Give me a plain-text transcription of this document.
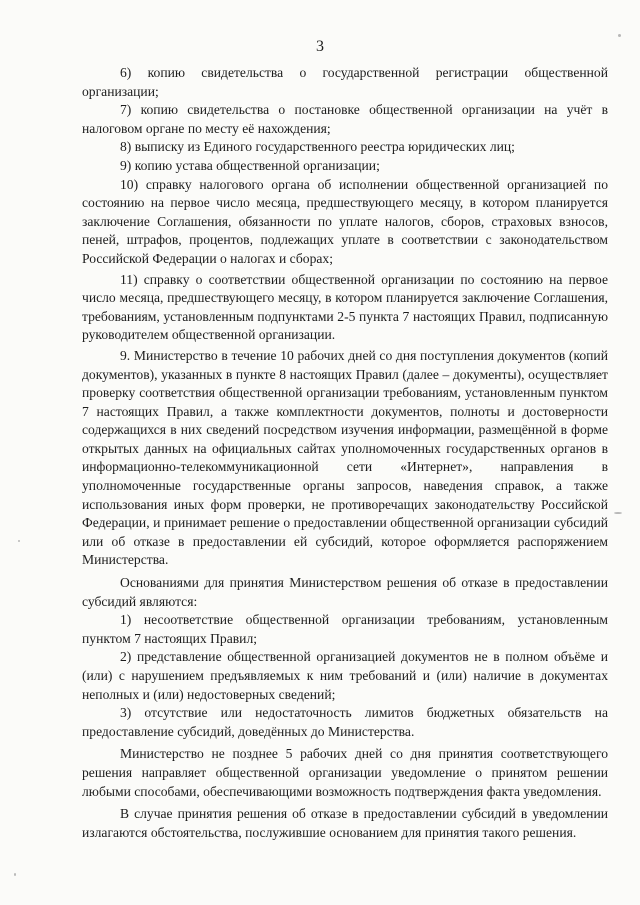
3

6) копию свидетельства о государственной регистрации общественной организации;

7) копию свидетельства о постановке общественной организации на учёт в налоговом органе по месту её нахождения;

8) выписку из Единого государственного реестра юридических лиц;

9) копию устава общественной организации;

10) справку налогового органа об исполнении общественной организацией по состоянию на первое число месяца, предшествующего месяцу, в котором планируется заключение Соглашения, обязанности по уплате налогов, сборов, страховых взносов, пеней, штрафов, процентов, подлежащих уплате в соответствии с законодательством Российской Федерации о налогах и сборах;

11) справку о соответствии общественной организации по состоянию на первое число месяца, предшествующего месяцу, в котором планируется заключение Соглашения, требованиям, установленным подпунктами 2-5 пункта 7 настоящих Правил, подписанную руководителем общественной организации.

9. Министерство в течение 10 рабочих дней со дня поступления документов (копий документов), указанных в пункте 8 настоящих Правил (далее – документы), осуществляет проверку соответствия общественной организации требованиям, установленным пунктом 7 настоящих Правил, а также комплектности документов, полноты и достоверности содержащихся в них сведений посредством изучения информации, размещённой в форме открытых данных на официальных сайтах уполномоченных государственных органов в информационно-телекоммуникационной сети «Интернет», направления в уполномоченные государственные органы запросов, наведения справок, а также использования иных форм проверки, не противоречащих законодательству Российской Федерации, и принимает решение о предоставлении общественной организации субсидий или об отказе в предоставлении ей субсидий, которое оформляется распоряжением Министерства.

Основаниями для принятия Министерством решения об отказе в предоставлении субсидий являются:

1) несоответствие общественной организации требованиям, установленным пунктом 7 настоящих Правил;

2) представление общественной организацией документов не в полном объёме и (или) с нарушением предъявляемых к ним требований и (или) наличие в документах неполных и (или) недостоверных сведений;

3) отсутствие или недостаточность лимитов бюджетных обязательств на предоставление субсидий, доведённых до Министерства.

Министерство не позднее 5 рабочих дней со дня принятия соответствующего решения направляет общественной организации уведомление о принятом решении любыми способами, обеспечивающими возможность подтверждения факта уведомления.

В случае принятия решения об отказе в предоставлении субсидий в уведомлении излагаются обстоятельства, послужившие основанием для принятия такого решения.
